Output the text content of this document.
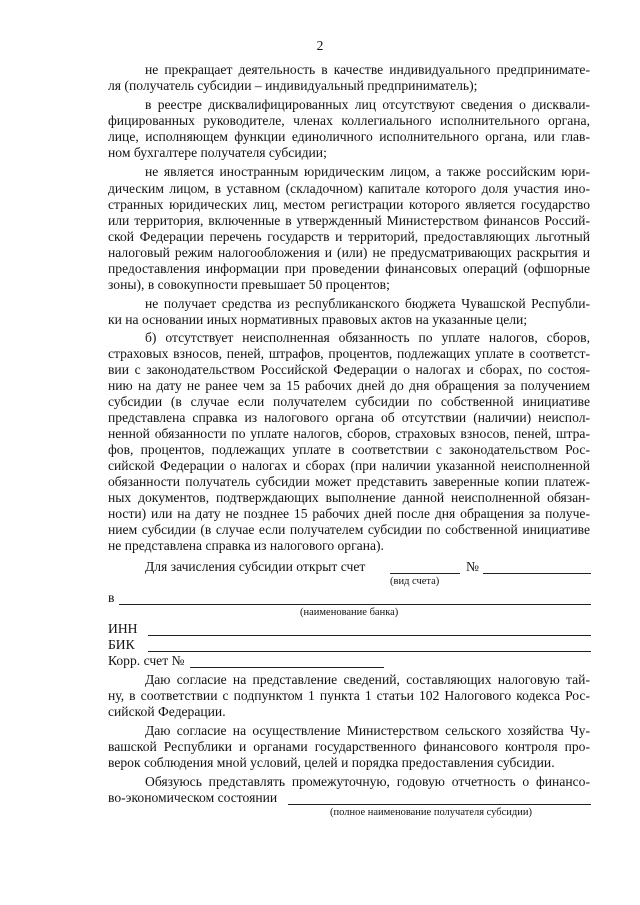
2
не прекращает деятельность в качестве индивидуального предпринимате-
ля (получатель субсидии – индивидуальный предприниматель);
в реестре дисквалифицированных лиц отсутствуют сведения о дисквали-
фицированных руководителе, членах коллегиального исполнительного органа,
лице, исполняющем функции единоличного исполнительного органа, или глав-
ном бухгалтере получателя субсидии;
не является иностранным юридическим лицом, а также российским юри-
дическим лицом, в уставном (складочном) капитале которого доля участия ино-
странных юридических лиц, местом регистрации которого является государство
или территория, включенные в утвержденный Министерством финансов Россий-
ской Федерации перечень государств и территорий, предоставляющих льготный
налоговый режим налогообложения и (или) не предусматривающих раскрытия и
предоставления информации при проведении финансовых операций (офшорные
зоны), в совокупности превышает 50 процентов;
не получает средства из республиканского бюджета Чувашской Республи-
ки на основании иных нормативных правовых актов на указанные цели;
б) отсутствует неисполненная обязанность по уплате налогов, сборов,
страховых взносов, пеней, штрафов, процентов, подлежащих уплате в соответст-
вии с законодательством Российской Федерации о налогах и сборах, по состоя-
нию на дату не ранее чем за 15 рабочих дней до дня обращения за получением
субсидии (в случае если получателем субсидии по собственной инициативе
представлена справка из налогового органа об отсутствии (наличии) неиспол-
ненной обязанности по уплате налогов, сборов, страховых взносов, пеней, штра-
фов, процентов, подлежащих уплате в соответствии с законодательством Рос-
сийской Федерации о налогах и сборах (при наличии указанной неисполненной
обязанности получатель субсидии может представить заверенные копии платеж-
ных документов, подтверждающих выполнение данной неисполненной обязан-
ности) или на дату не позднее 15 рабочих дней после дня обращения за получе-
нием субсидии (в случае если получателем субсидии по собственной инициативе
не представлена справка из налогового органа).
Для зачисления субсидии открыт счет	№
(вид счета)
в
(наименование банка)
ИНН
БИК
Корр. счет №
Даю согласие на представление сведений, составляющих налоговую тай-
ну, в соответствии с подпунктом 1 пункта 1 статьи 102 Налогового кодекса Рос-
сийской Федерации.
Даю согласие на осуществление Министерством сельского хозяйства Чу-
вашской Республики и органами государственного финансового контроля про-
верок соблюдения мной условий, целей и порядка предоставления субсидии.
Обязуюсь представлять промежуточную, годовую отчетность о финансо-
во-экономическом состоянии
(полное наименование получателя субсидии)
